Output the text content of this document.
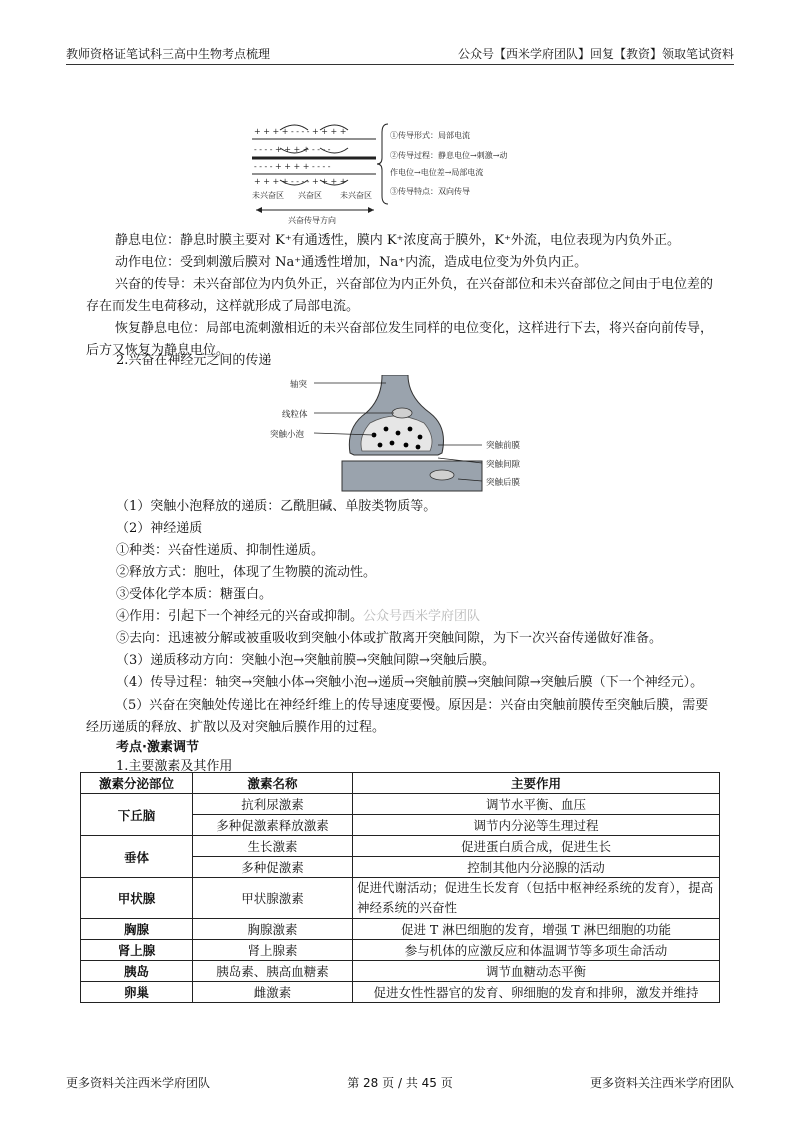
教师资格证笔试科三高中生物考点梳理	公众号【西米学府团队】回复【教资】领取笔试资料
+ + + + - - - - + + + +
- - - - + + + + - - - -
- - - - + + + + - - - -
+ + + + - - - - + + + +
未兴奋区 兴奋区 未兴奋区
兴奋传导方向
①传导形式：局部电流
②传导过程：静息电位→刺激→动
作电位→电位差→局部电流
③传导特点：双向传导

静息电位：静息时膜主要对 K⁺有通透性，膜内 K⁺浓度高于膜外，K⁺外流，电位表现为内负外正。

动作电位：受到刺激后膜对 Na⁺通透性增加，Na⁺内流，造成电位变为外负内正。

兴奋的传导：未兴奋部位为内负外正，兴奋部位为内正外负，在兴奋部位和未兴奋部位之间由于电位差的存在而发生电荷移动，这样就形成了局部电流。

恢复静息电位：局部电流刺激相近的未兴奋部位发生同样的电位变化，这样进行下去，将兴奋向前传导，后方又恢复为静息电位。

2.兴奋在神经元之间的传递
轴突
线粒体
突触小泡
突触前膜
突触间隙
突触后膜
（1）突触小泡释放的递质：乙酰胆碱、单胺类物质等。
（2）神经递质
①种类：兴奋性递质、抑制性递质。
②释放方式：胞吐，体现了生物膜的流动性。
③受体化学本质：糖蛋白。
④作用：引起下一个神经元的兴奋或抑制。公众号西米学府团队
⑤去向：迅速被分解或被重吸收到突触小体或扩散离开突触间隙，为下一次兴奋传递做好准备。
（3）递质移动方向：突触小泡→突触前膜→突触间隙→突触后膜。
（4）传导过程：轴突→突触小体→突触小泡→递质→突触前膜→突触间隙→突触后膜（下一个神经元）。

（5）兴奋在突触处传递比在神经纤维上的传导速度要慢。原因是：兴奋由突触前膜传至突触后膜，需要经历递质的释放、扩散以及对突触后膜作用的过程。

考点·激素调节
1.主要激素及其作用
激素分泌部位	激素名称	主要作用
下丘脑	抗利尿激素	调节水平衡、血压
	多种促激素释放激素	调节内分泌等生理过程
垂体	生长激素	促进蛋白质合成，促进生长
	多种促激素	控制其他内分泌腺的活动
甲状腺	甲状腺激素	促进代谢活动；促进生长发育（包括中枢神经系统的发育），提高神经系统的兴奋性
胸腺	胸腺激素	促进 T 淋巴细胞的发育，增强 T 淋巴细胞的功能
肾上腺	肾上腺素	参与机体的应激反应和体温调节等多项生命活动
胰岛	胰岛素、胰高血糖素	调节血糖动态平衡
卵巢	雌激素	促进女性性器官的发育、卵细胞的发育和排卵，激发并维持
更多资料关注西米学府团队	第 28 页 / 共 45 页	更多资料关注西米学府团队
